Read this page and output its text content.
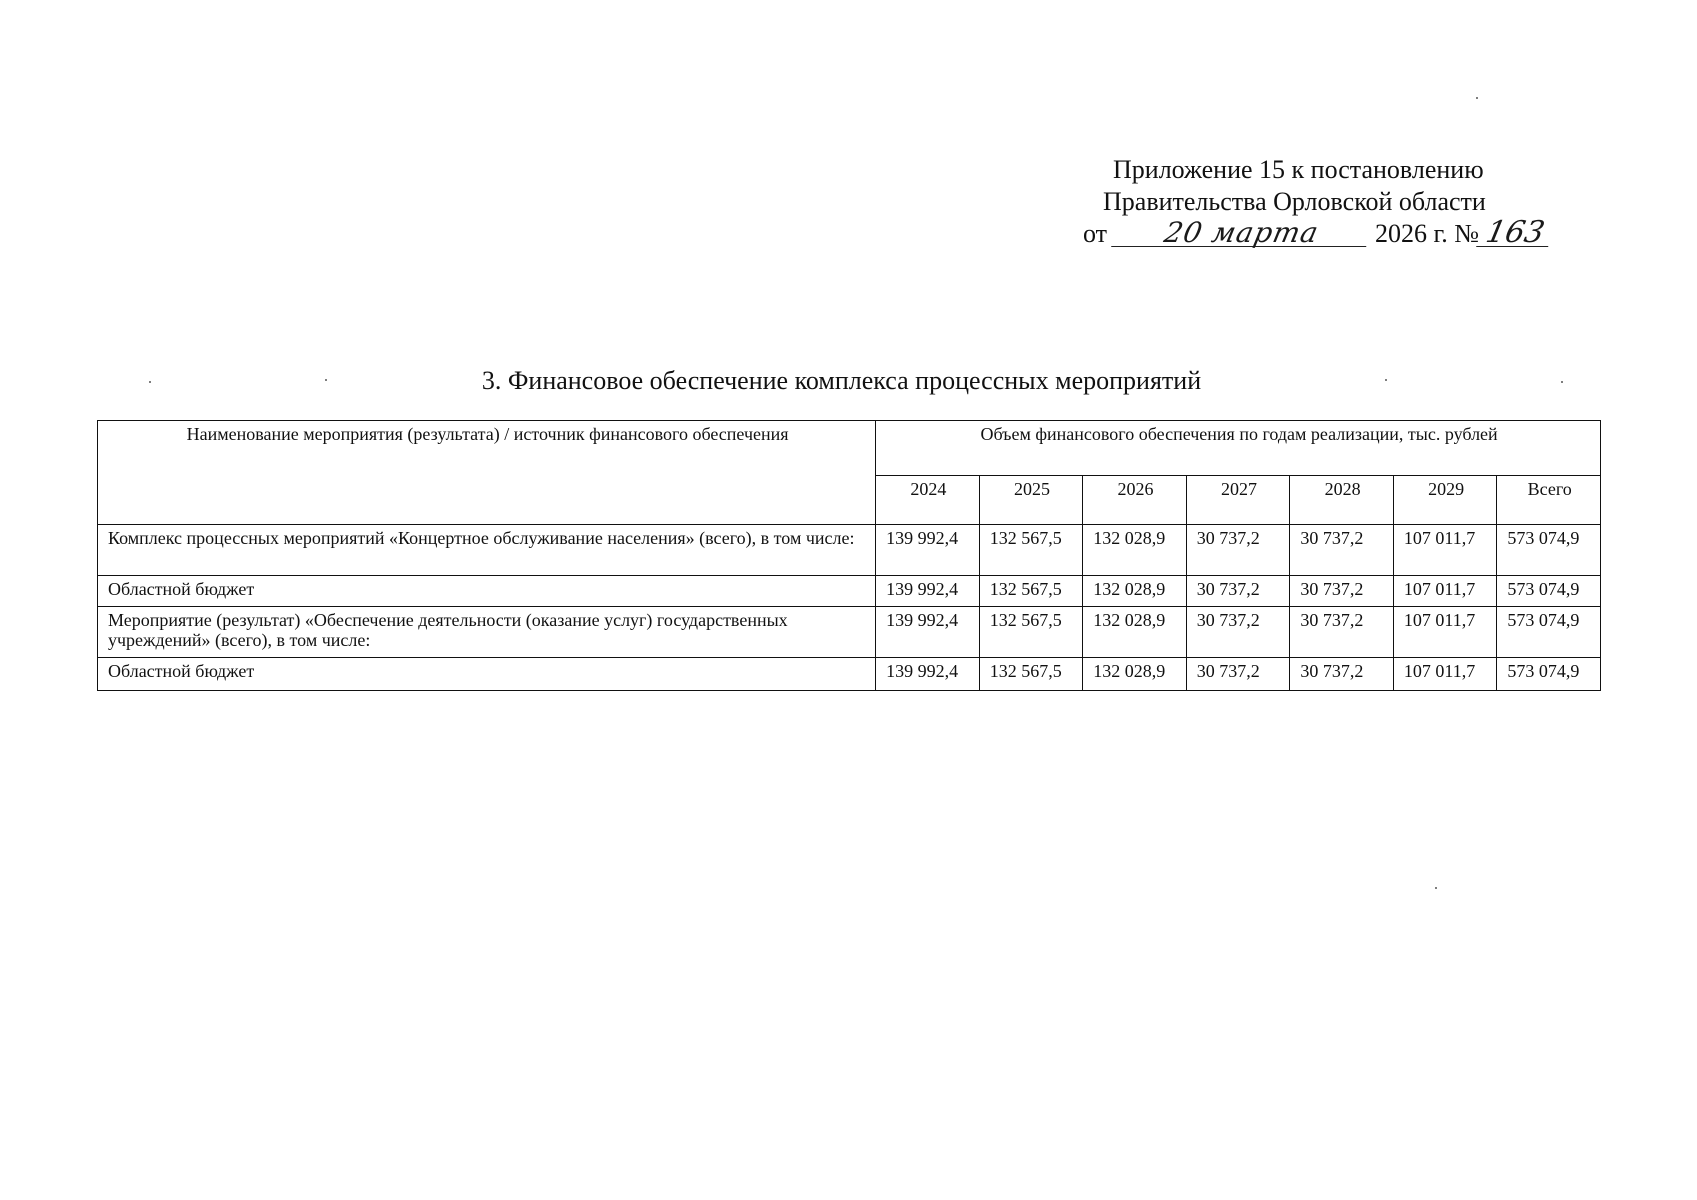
Приложение 15 к постановлению
Правительства Орловской области
от 20 марта 2026 г. № 163
3. Финансовое обеспечение комплекса процессных мероприятий
Наименование мероприятия (результата) / источник финансового обеспечения	Объем финансового обеспечения по годам реализации, тыс. рублей						
	2024	2025	2026	2027	2028	2029	Всего
Комплекс процессных мероприятий «Концертное обслуживание населения» (всего), в том числе:	139 992,4	132 567,5	132 028,9	30 737,2	30 737,2	107 011,7	573 074,9
Областной бюджет	139 992,4	132 567,5	132 028,9	30 737,2	30 737,2	107 011,7	573 074,9
Мероприятие (результат) «Обеспечение деятельности (оказание услуг) государственных учреждений» (всего), в том числе:	139 992,4	132 567,5	132 028,9	30 737,2	30 737,2	107 011,7	573 074,9
Областной бюджет	139 992,4	132 567,5	132 028,9	30 737,2	30 737,2	107 011,7	573 074,9
